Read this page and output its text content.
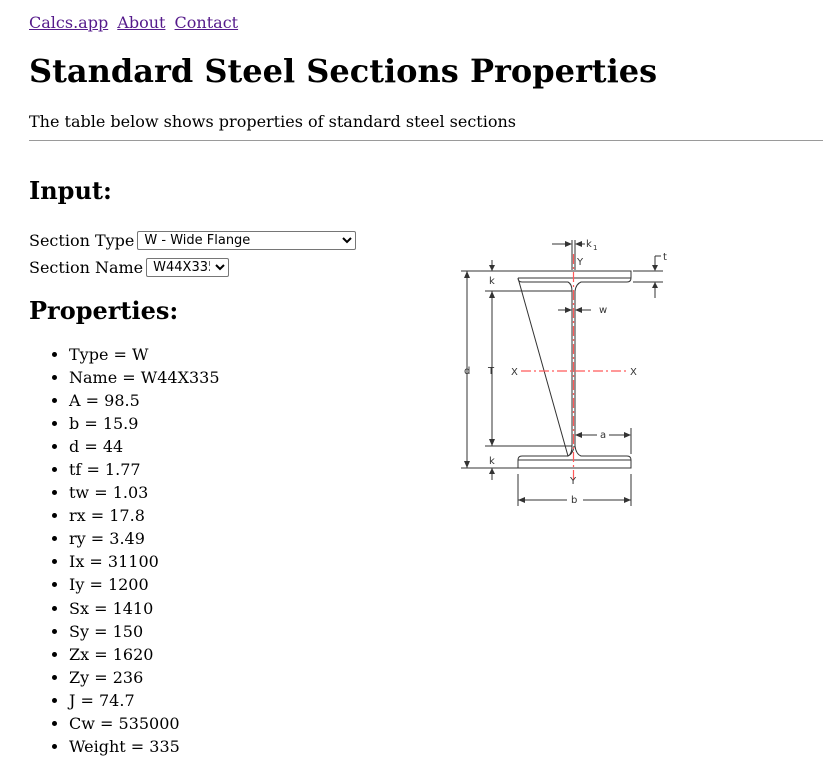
Calcs.app About Contact
Standard Steel Sections Properties
The table below shows properties of standard steel sections
Input:
Section Type
W - Wide Flange
Section Name
W44X335
Properties:
• Type = W
• Name = W44X335
• A = 98.5
• b = 15.9
• d = 44
• tf = 1.77
• tw = 1.03
• rx = 17.8
• ry = 3.49
• Ix = 31100
• Iy = 1200
• Sx = 1410
• Sy = 150
• Zx = 1620
• Zy = 236
• J = 74.7
• Cw = 535000
• Weight = 335
k 1
t
Y
k
w
d T X	X
a
k
Y
b
